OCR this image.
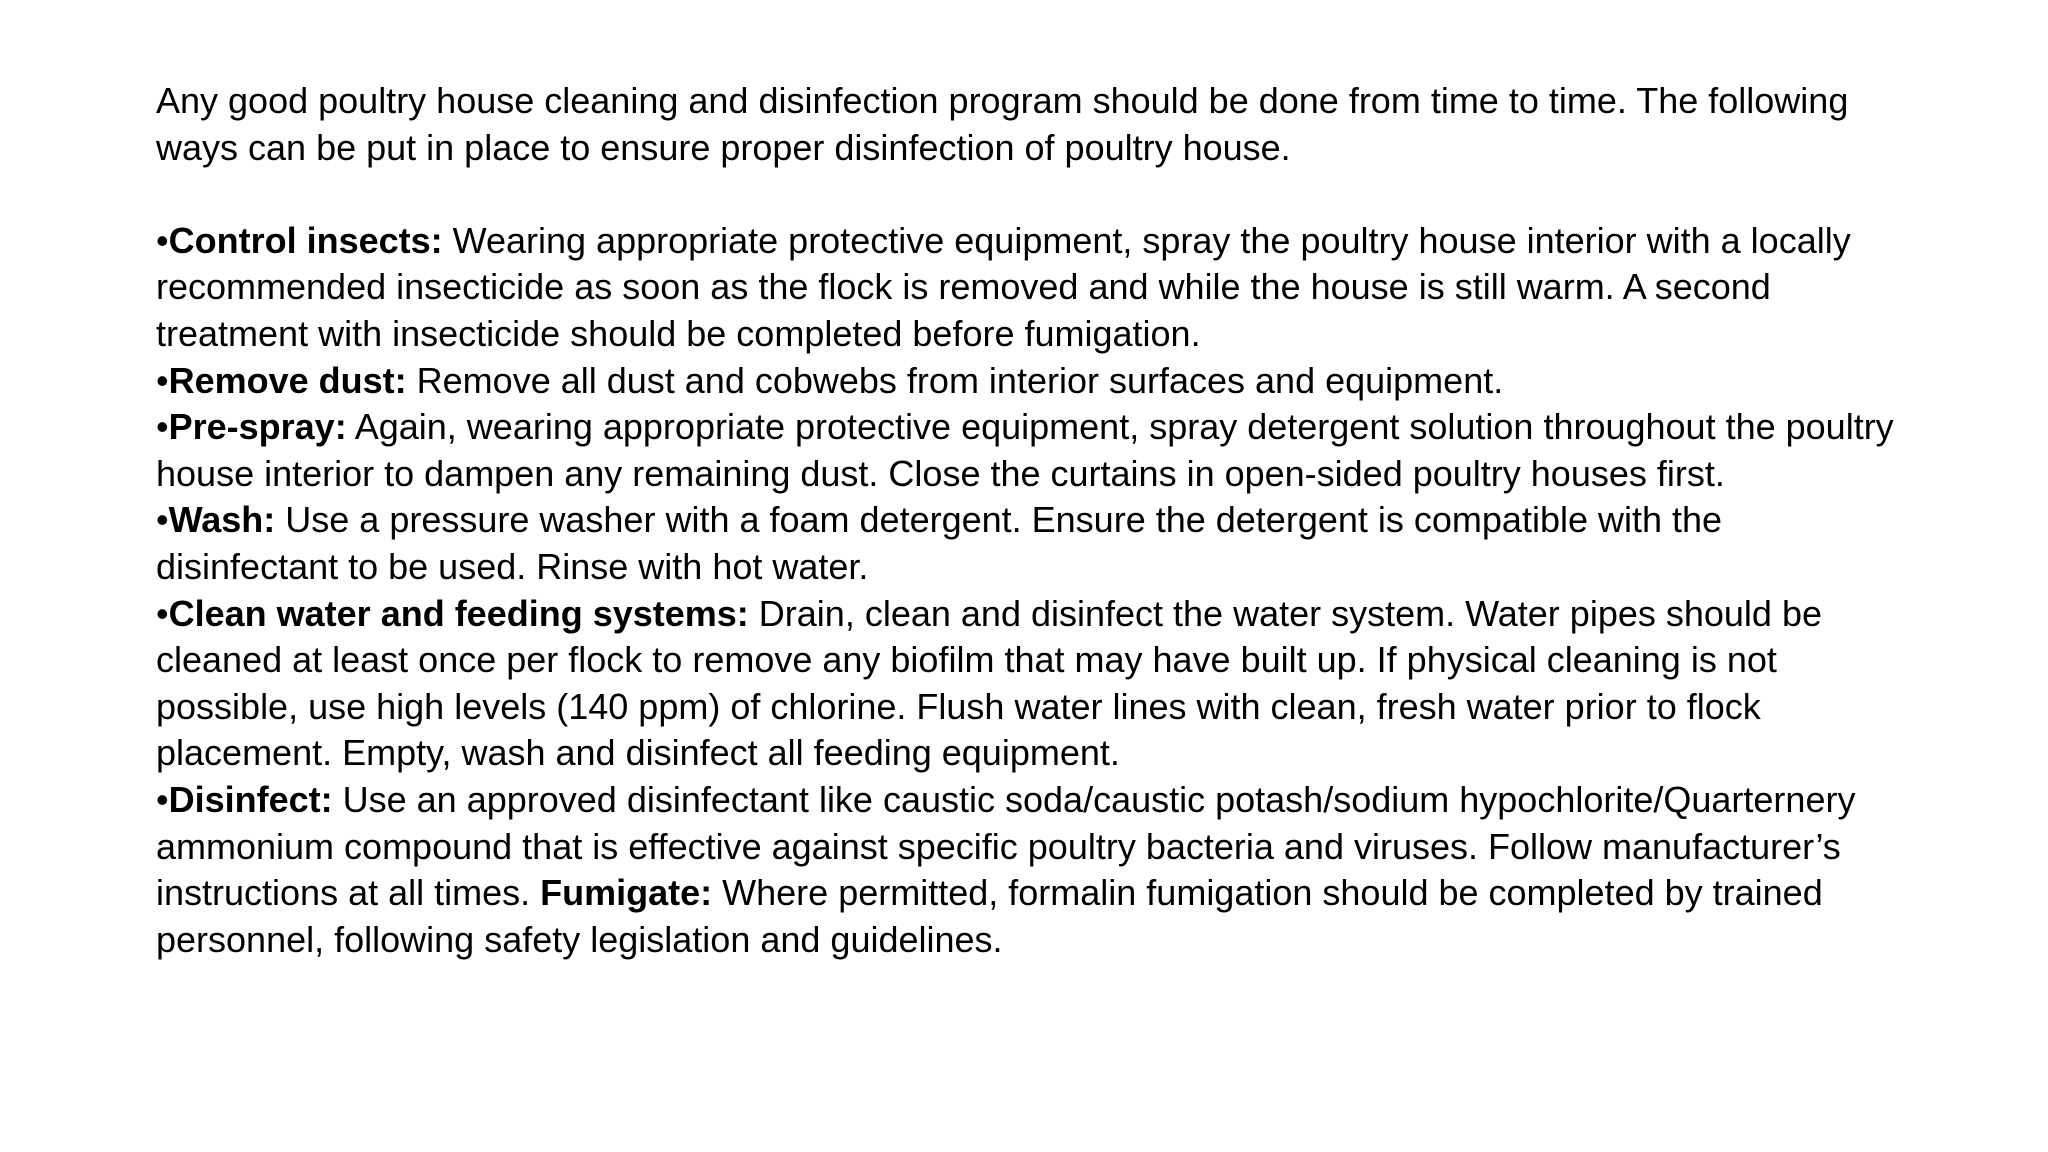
Any good poultry house cleaning and disinfection program should be done from time to time. The following ways can be put in place to ensure proper disinfection of poultry house.

•Control insects: Wearing appropriate protective equipment, spray the poultry house interior with a locally recommended insecticide as soon as the flock is removed and while the house is still warm. A second treatment with insecticide should be completed before fumigation.

•Remove dust: Remove all dust and cobwebs from interior surfaces and equipment.

•Pre-spray: Again, wearing appropriate protective equipment, spray detergent solution throughout the poultry house interior to dampen any remaining dust. Close the curtains in open-sided poultry houses first.

•Wash: Use a pressure washer with a foam detergent. Ensure the detergent is compatible with the disinfectant to be used. Rinse with hot water.

•Clean water and feeding systems: Drain, clean and disinfect the water system. Water pipes should be cleaned at least once per flock to remove any biofilm that may have built up. If physical cleaning is not possible, use high levels (140 ppm) of chlorine. Flush water lines with clean, fresh water prior to flock placement. Empty, wash and disinfect all feeding equipment.

•Disinfect: Use an approved disinfectant like caustic soda/caustic potash/sodium hypochlorite/Quarternery ammonium compound that is effective against specific poultry bacteria and viruses. Follow manufacturer’s instructions at all times. Fumigate: Where permitted, formalin fumigation should be completed by trained personnel, following safety legislation and guidelines.
